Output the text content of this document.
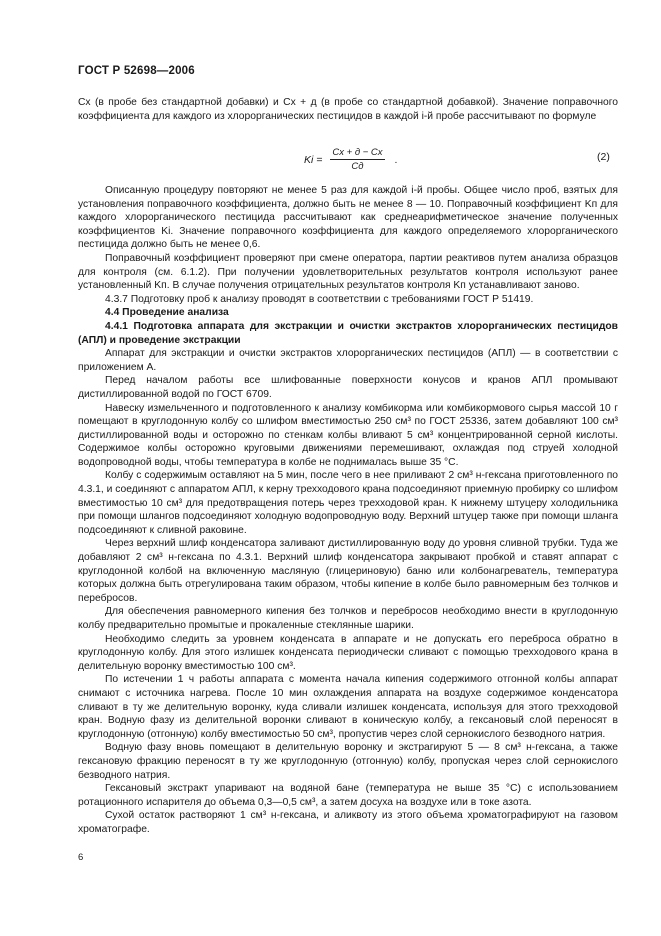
ГОСТ Р 52698—2006

Cх (в пробе без стандартной добавки) и Cх + д (в пробе со стандартной добавкой). Значение поправочного коэффициента для каждого из хлорорганических пестицидов в каждой i-й пробе рассчитывают по формуле

$Ki = \frac{Cх + д - Cх}{Cд}$ .	(2)

Описанную процедуру повторяют не менее 5 раз для каждой i-й пробы. Общее число проб, взятых для установления поправочного коэффициента, должно быть не менее 8 — 10. Поправочный коэффициент Kп для каждого хлорорганического пестицида рассчитывают как среднеарифметическое значение полученных коэффициентов Ki. Значение поправочного коэффициента для каждого определяемого хлорорганического пестицида должно быть не менее 0,6.

Поправочный коэффициент проверяют при смене оператора, партии реактивов путем анализа образцов для контроля (см. 6.1.2). При получении удовлетворительных результатов контроля используют ранее установленный Kп. В случае получения отрицательных результатов контроля Kп устанавливают заново.

4.3.7 Подготовку проб к анализу проводят в соответствии с требованиями ГОСТ Р 51419.

4.4 Проведение анализа

4.4.1 Подготовка аппарата для экстракции и очистки экстрактов хлорорганических пестицидов (АПЛ) и проведение экстракции

Аппарат для экстракции и очистки экстрактов хлорорганических пестицидов (АПЛ) — в соответствии с приложением А.

Перед началом работы все шлифованные поверхности конусов и кранов АПЛ промывают дистиллированной водой по ГОСТ 6709.

Навеску измельченного и подготовленного к анализу комбикорма или комбикормового сырья массой 10 г помещают в круглодонную колбу со шлифом вместимостью 250 см³ по ГОСТ 25336, затем добавляют 100 см³ дистиллированной воды и осторожно по стенкам колбы вливают 5 см³ концентрированной серной кислоты. Содержимое колбы осторожно круговыми движениями перемешивают, охлаждая под струей холодной водопроводной воды, чтобы температура в колбе не поднималась выше 35 °С.

Колбу с содержимым оставляют на 5 мин, после чего в нее приливают 2 см³ н-гексана приготовленного по 4.3.1, и соединяют с аппаратом АПЛ, к керну трехходового крана подсоединяют приемную пробирку со шлифом вместимостью 10 см³ для предотвращения потерь через трехходовой кран. К нижнему штуцеру холодильника при помощи шлангов подсоединяют холодную водопроводную воду. Верхний штуцер также при помощи шланга подсоединяют к сливной раковине.

Через верхний шлиф конденсатора заливают дистиллированную воду до уровня сливной трубки. Туда же добавляют 2 см³ н-гексана по 4.3.1. Верхний шлиф конденсатора закрывают пробкой и ставят аппарат с круглодонной колбой на включенную масляную (глицериновую) баню или колбонагреватель, температура которых должна быть отрегулирована таким образом, чтобы кипение в колбе было равномерным без толчков и перебросов.

Для обеспечения равномерного кипения без толчков и перебросов необходимо внести в круглодонную колбу предварительно промытые и прокаленные стеклянные шарики.

Необходимо следить за уровнем конденсата в аппарате и не допускать его переброса обратно в круглодонную колбу. Для этого излишек конденсата периодически сливают с помощью трехходового крана в делительную воронку вместимостью 100 см³.

По истечении 1 ч работы аппарата с момента начала кипения содержимого отгонной колбы аппарат снимают с источника нагрева. После 10 мин охлаждения аппарата на воздухе содержимое конденсатора сливают в ту же делительную воронку, куда сливали излишек конденсата, используя для этого трехходовой кран. Водную фазу из делительной воронки сливают в коническую колбу, а гексановый слой переносят в круглодонную (отгонную) колбу вместимостью 50 см³, пропустив через слой сернокислого безводного натрия.

Водную фазу вновь помещают в делительную воронку и экстрагируют 5 — 8 см³ н-гексана, а также гексановую фракцию переносят в ту же круглодонную (отгонную) колбу, пропуская через слой сернокислого безводного натрия.

Гексановый экстракт упаривают на водяной бане (температура не выше 35 °С) с использованием ротационного испарителя до объема 0,3—0,5 см³, а затем досуха на воздухе или в токе азота.

Сухой остаток растворяют 1 см³ н-гексана, и аликвоту из этого объема хроматографируют на газовом хроматографе.

6
